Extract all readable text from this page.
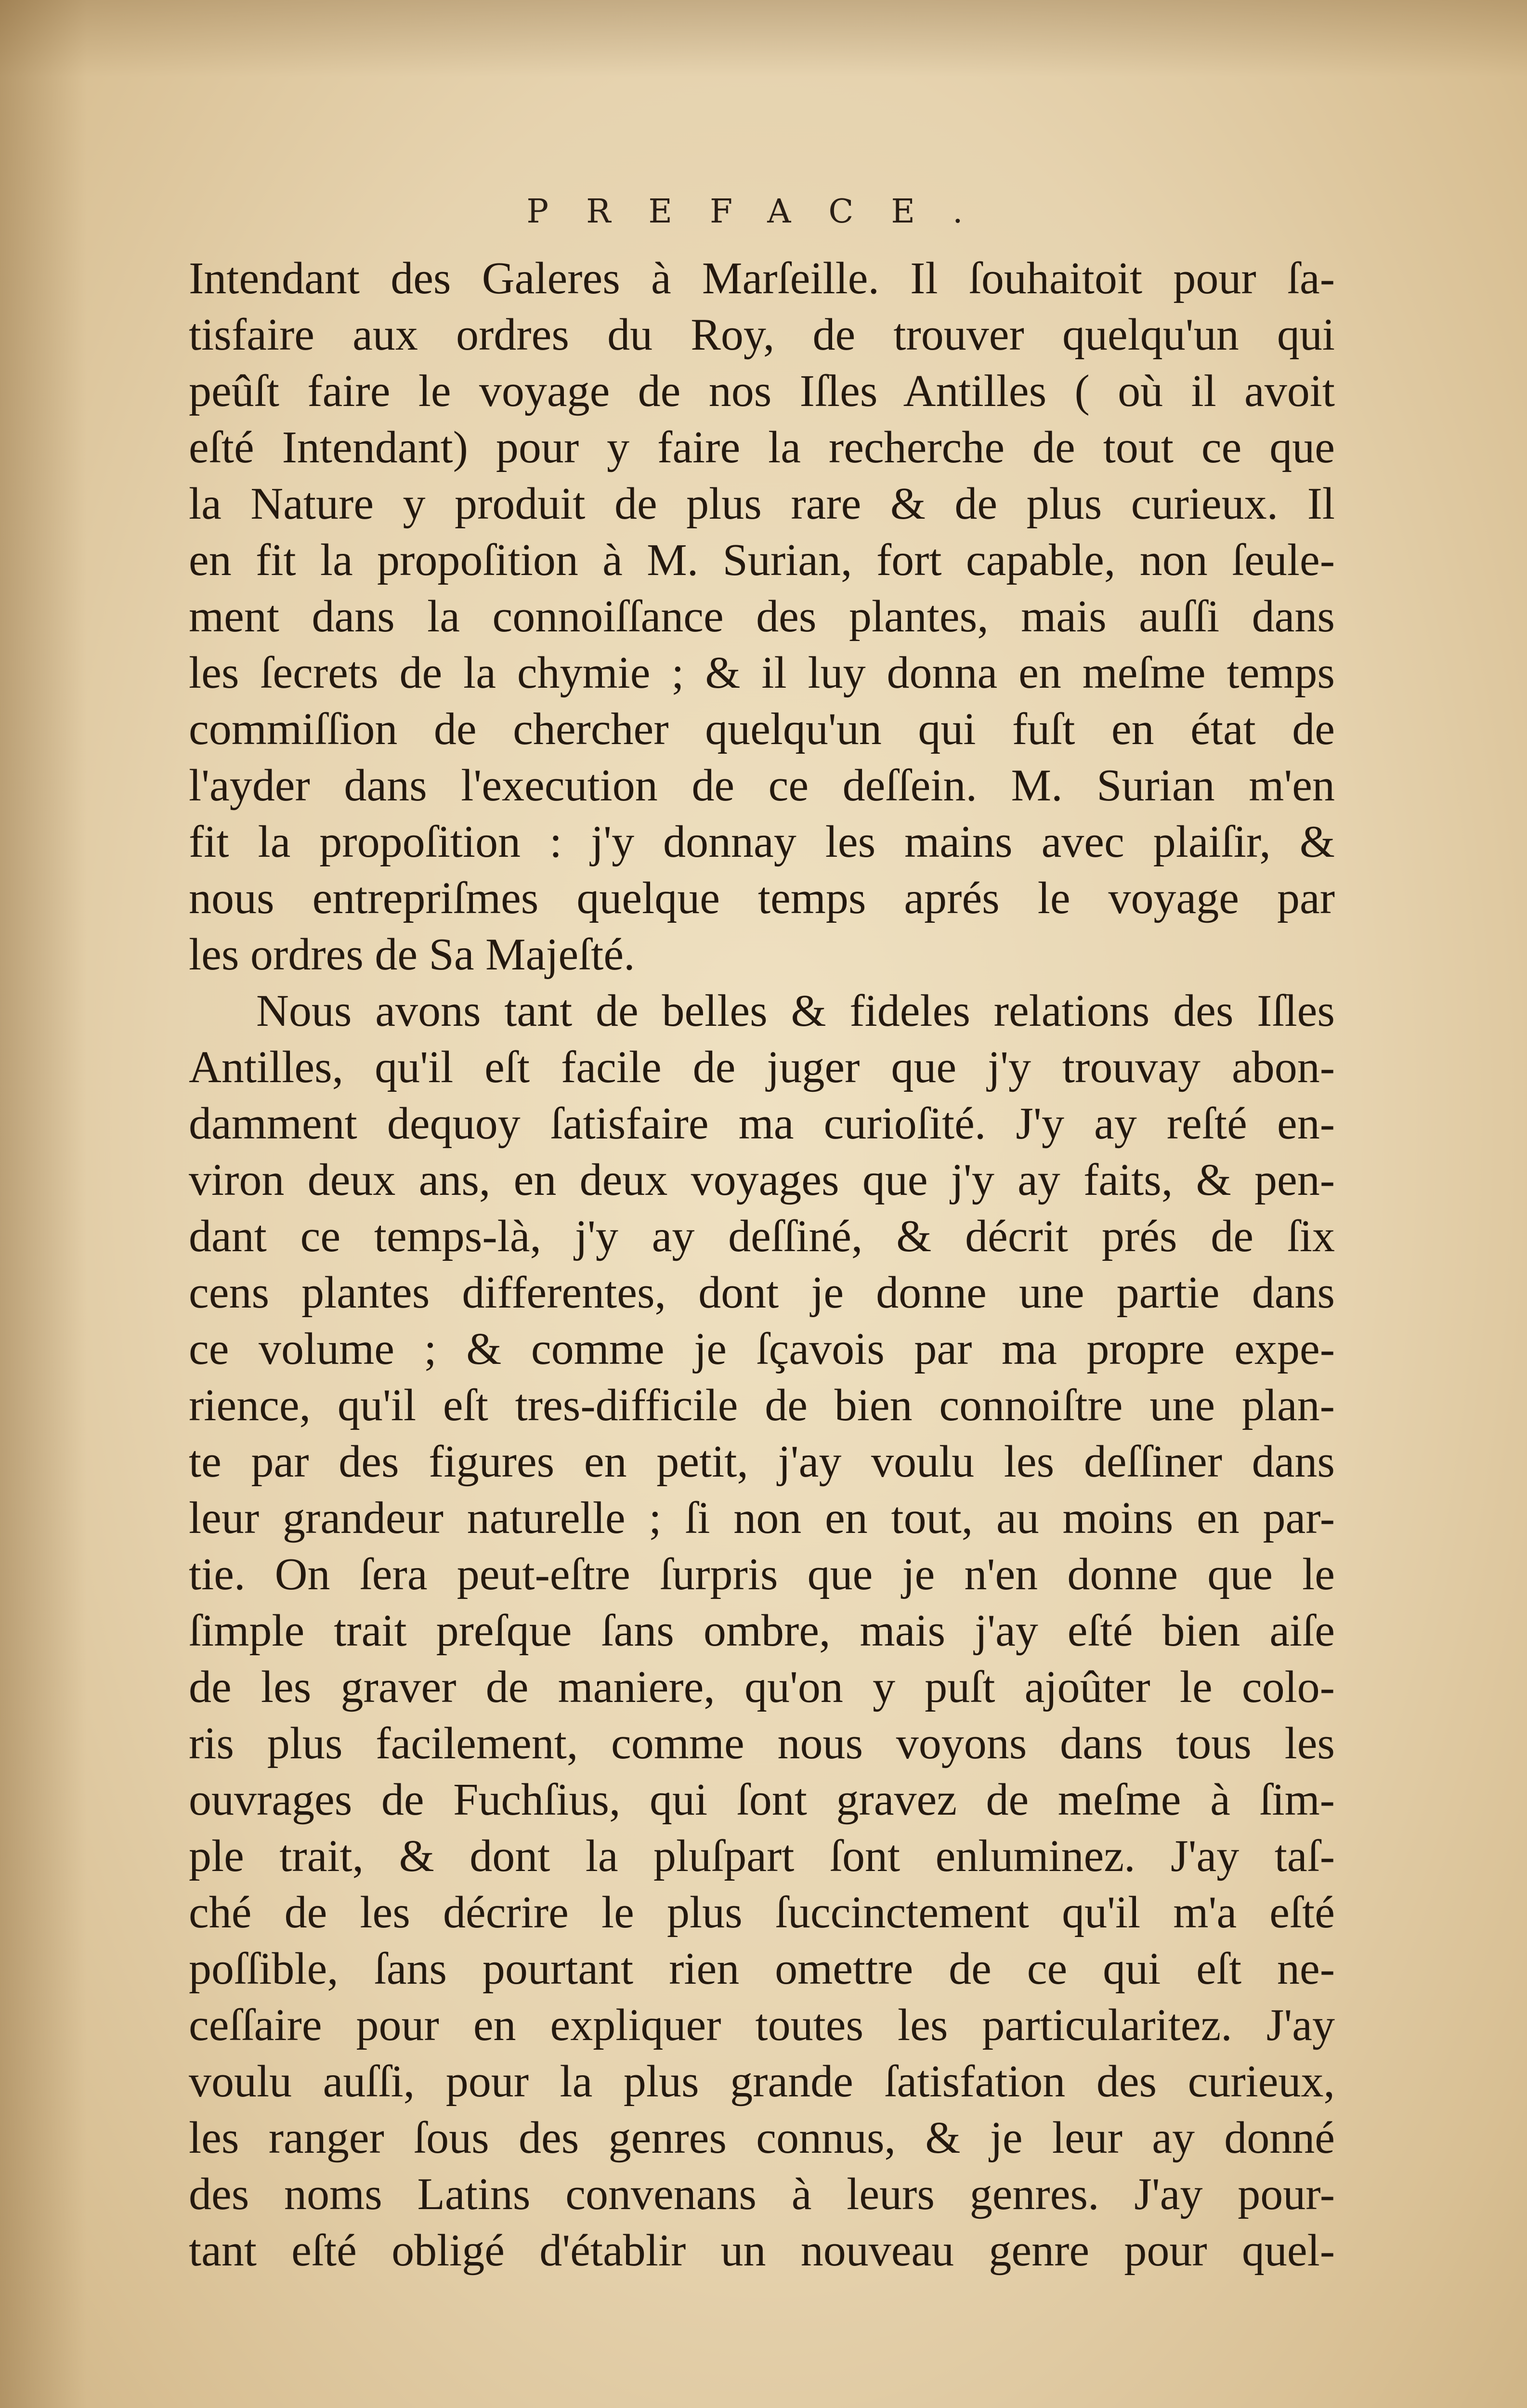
PREFACE.
Intendant des Galeres à Marſeille. Il ſouhaitoit pour ſa-
tisfaire aux ordres du Roy, de trouver quelqu'un qui
peûſt faire le voyage de nos Iſles Antilles ( où il avoit
eſté Intendant) pour y faire la recherche de tout ce que
la Nature y produit de plus rare & de plus curieux. Il
en fit la propoſition à M. Surian, fort capable, non ſeule-
ment dans la connoiſſance des plantes, mais auſſi dans
les ſecrets de la chymie ; & il luy donna en meſme temps
commiſſion de chercher quelqu'un qui fuſt en état de
l'ayder dans l'execution de ce deſſein. M. Surian m'en
fit la propoſition : j'y donnay les mains avec plaiſir, &
nous entrepriſmes quelque temps aprés le voyage par
les ordres de Sa Majeſté.
Nous avons tant de belles & fideles relations des Iſles
Antilles, qu'il eſt facile de juger que j'y trouvay abon-
damment dequoy ſatisfaire ma curioſité. J'y ay reſté en-
viron deux ans, en deux voyages que j'y ay faits, & pen-
dant ce temps-là, j'y ay deſſiné, & décrit prés de ſix
cens plantes differentes, dont je donne une partie dans
ce volume ; & comme je ſçavois par ma propre expe-
rience, qu'il eſt tres-difficile de bien connoiſtre une plan-
te par des figures en petit, j'ay voulu les deſſiner dans
leur grandeur naturelle ; ſi non en tout, au moins en par-
tie. On ſera peut-eſtre ſurpris que je n'en donne que le
ſimple trait preſque ſans ombre, mais j'ay eſté bien aiſe
de les graver de maniere, qu'on y puſt ajoûter le colo-
ris plus facilement, comme nous voyons dans tous les
ouvrages de Fuchſius, qui ſont gravez de meſme à ſim-
ple trait, & dont la pluſpart ſont enluminez. J'ay taſ-
ché de les décrire le plus ſuccinctement qu'il m'a eſté
poſſible, ſans pourtant rien omettre de ce qui eſt ne-
ceſſaire pour en expliquer toutes les particularitez. J'ay
voulu auſſi, pour la plus grande ſatisfation des curieux,
les ranger ſous des genres connus, & je leur ay donné
des noms Latins convenans à leurs genres. J'ay pour-
tant eſté obligé d'établir un nouveau genre pour quel-
